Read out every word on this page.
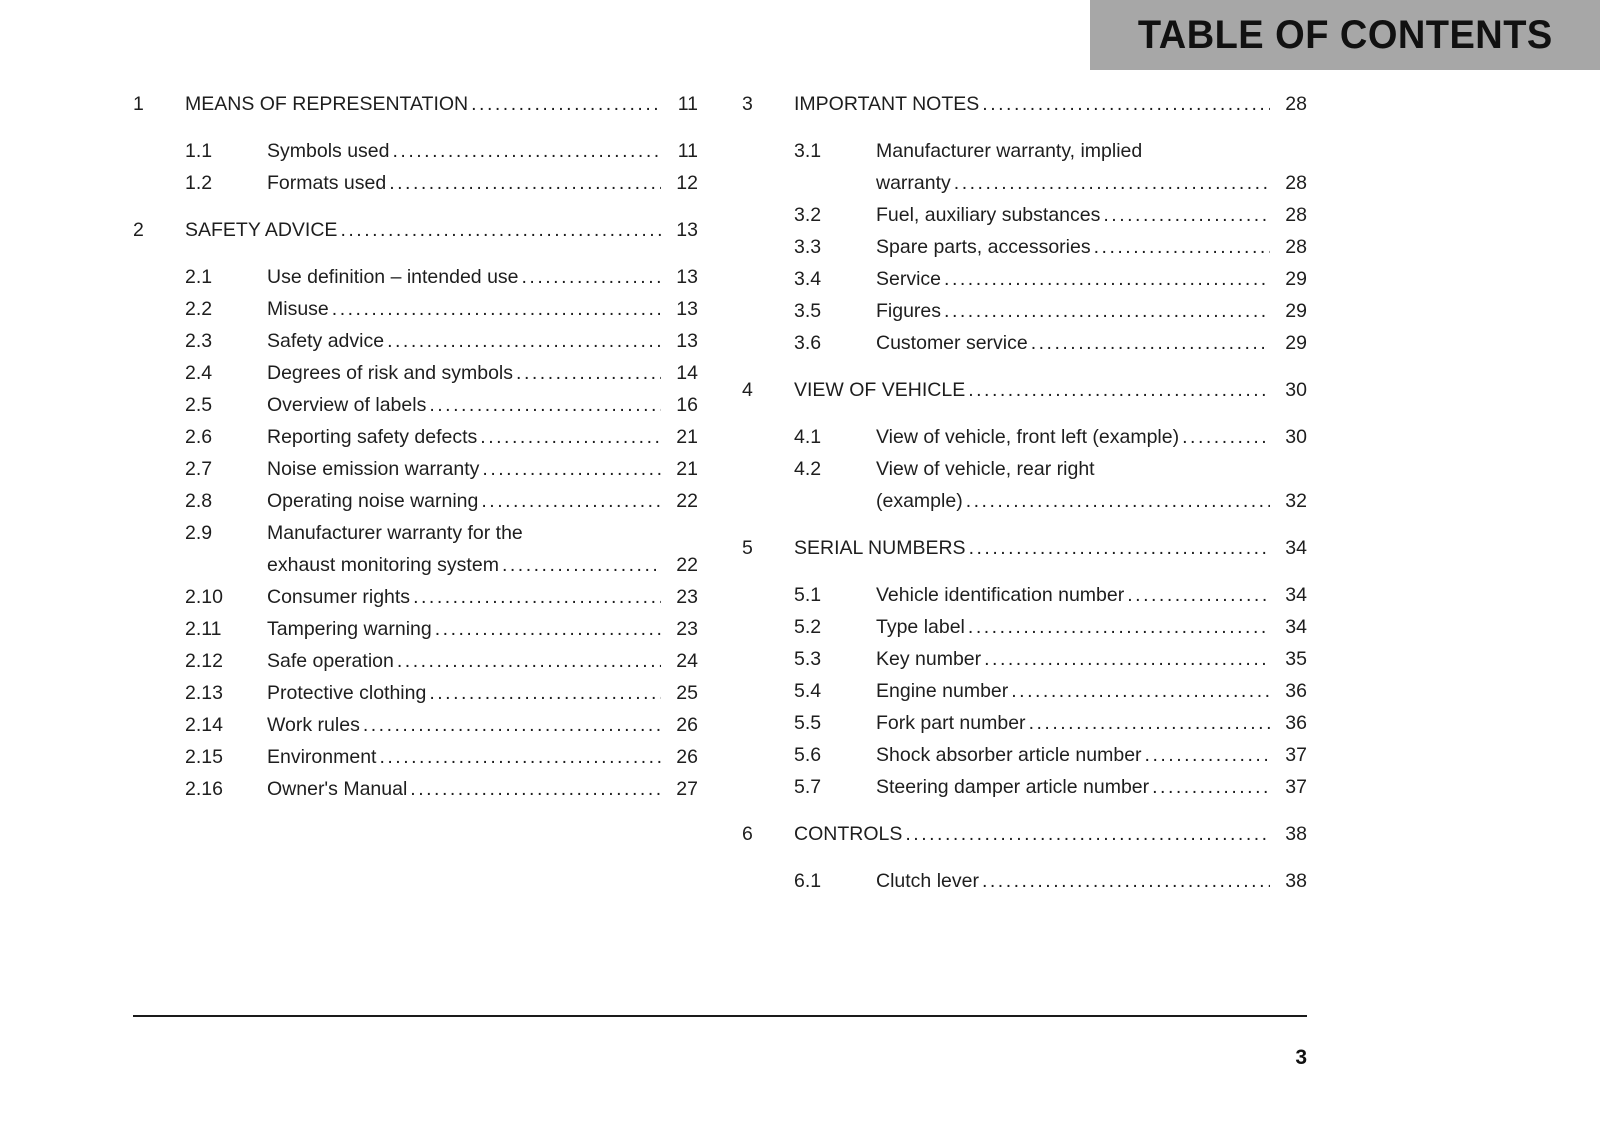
TABLE OF CONTENTS
1	MEANS OF REPRESENTATION .....	11
1.1	Symbols used .....	11
1.2	Formats used .....	12
2	SAFETY ADVICE .....	13
2.1	Use definition – intended use .....	13
2.2	Misuse .....	13
2.3	Safety advice .....	13
2.4	Degrees of risk and symbols .....	14
2.5	Overview of labels .....	16
2.6	Reporting safety defects .....	21
2.7	Noise emission warranty .....	21
2.8	Operating noise warning .....	22
2.9	Manufacturer warranty for the
exhaust monitoring system .....	22
2.10	Consumer rights .....	23
2.11	Tampering warning .....	23
2.12	Safe operation .....	24
2.13	Protective clothing .....	25
2.14	Work rules .....	26
2.15	Environment .....	26
2.16	Owner's Manual .....	27
3	IMPORTANT NOTES .....	28
3.1	Manufacturer warranty, implied
warranty .....	28
3.2	Fuel, auxiliary substances .....	28
3.3	Spare parts, accessories .....	28
3.4	Service .....	29
3.5	Figures .....	29
3.6	Customer service .....	29
4	VIEW OF VEHICLE .....	30
4.1	View of vehicle, front left (example) .....	30
4.2	View of vehicle, rear right
(example) .....	32
5	SERIAL NUMBERS .....	34
5.1	Vehicle identification number .....	34
5.2	Type label .....	34
5.3	Key number .....	35
5.4	Engine number .....	36
5.5	Fork part number .....	36
5.6	Shock absorber article number .....	37
5.7	Steering damper article number .....	37
6	CONTROLS .....	38
6.1	Clutch lever .....	38
3
